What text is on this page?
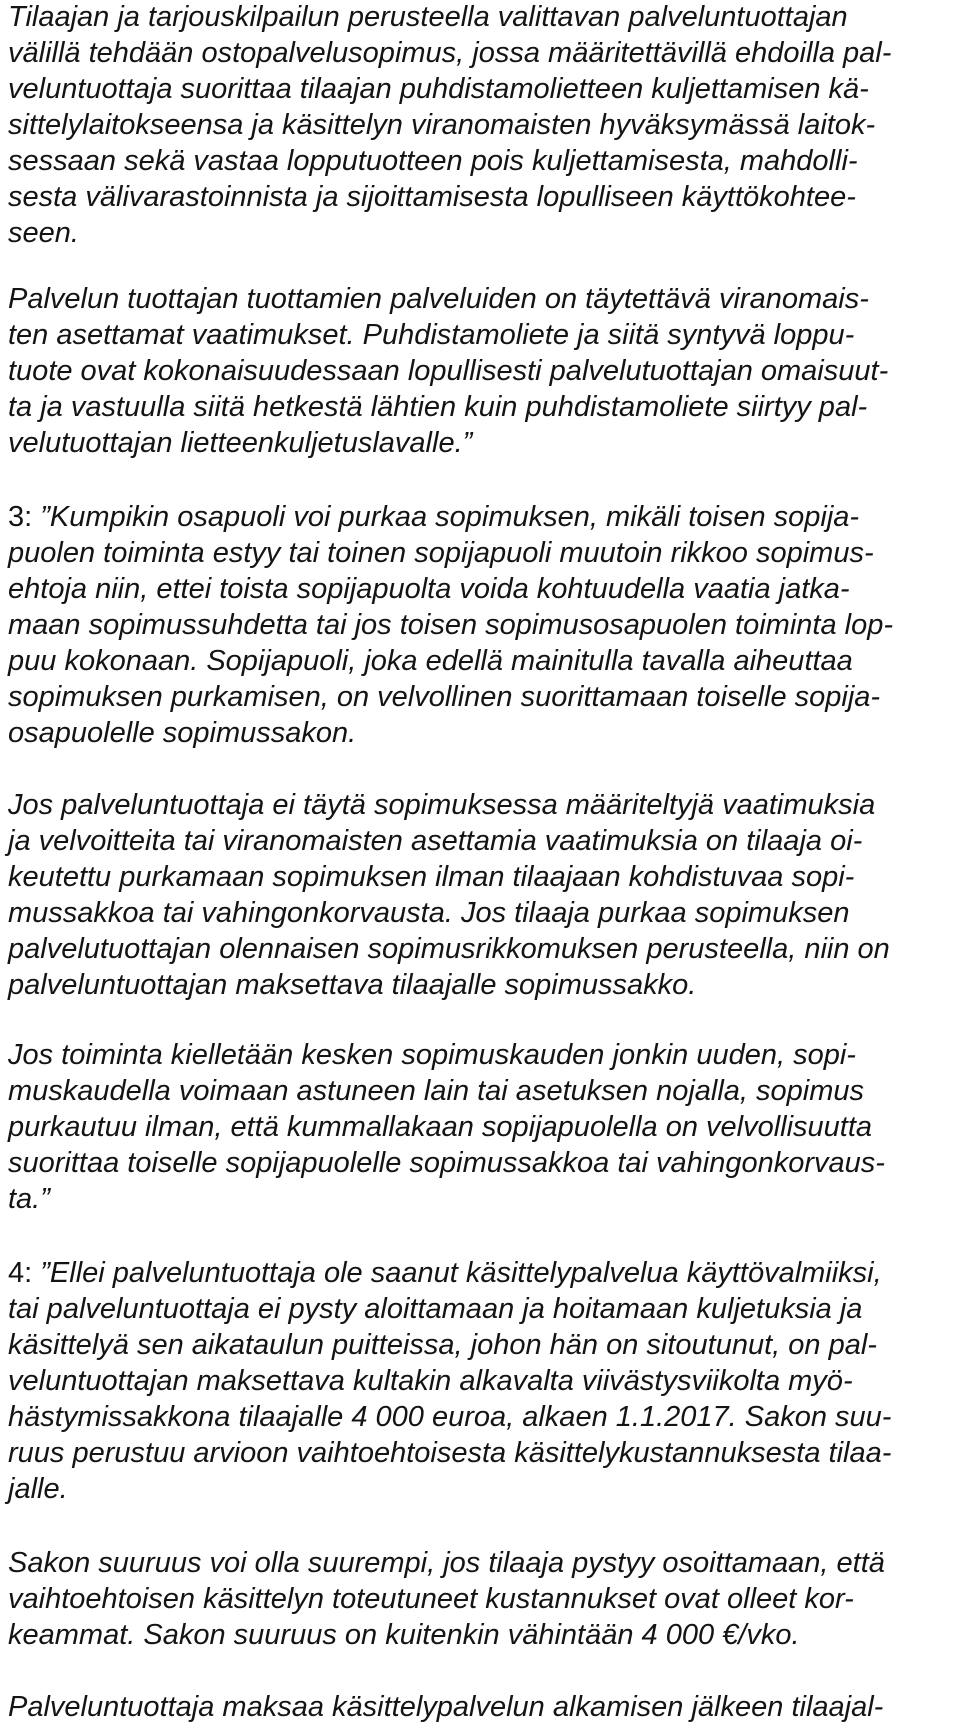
Tilaajan ja tarjouskilpailun perusteella valittavan palveluntuottajan
välillä tehdään ostopalvelusopimus, jossa määritettävillä ehdoilla pal-
veluntuottaja suorittaa tilaajan puhdistamolietteen kuljettamisen kä-
sittelylaitokseensa ja käsittelyn viranomaisten hyväksymässä laitok-
sessaan sekä vastaa lopputuotteen pois kuljettamisesta, mahdolli-
sesta välivarastoinnista ja sijoittamisesta lopulliseen käyttökohtee-
seen.
Palvelun tuottajan tuottamien palveluiden on täytettävä viranomais-
ten asettamat vaatimukset. Puhdistamoliete ja siitä syntyvä loppu-
tuote ovat kokonaisuudessaan lopullisesti palvelutuottajan omaisuut-
ta ja vastuulla siitä hetkestä lähtien kuin puhdistamoliete siirtyy pal-
velutuottajan lietteenkuljetuslavalle.”
3: ”Kumpikin osapuoli voi purkaa sopimuksen, mikäli toisen sopija-
puolen toiminta estyy tai toinen sopijapuoli muutoin rikkoo sopimus-
ehtoja niin, ettei toista sopijapuolta voida kohtuudella vaatia jatka-
maan sopimussuhdetta tai jos toisen sopimusosapuolen toiminta lop-
puu kokonaan. Sopijapuoli, joka edellä mainitulla tavalla aiheuttaa
sopimuksen purkamisen, on velvollinen suorittamaan toiselle sopija-
osapuolelle sopimussakon.
Jos palveluntuottaja ei täytä sopimuksessa määriteltyjä vaatimuksia
ja velvoitteita tai viranomaisten asettamia vaatimuksia on tilaaja oi-
keutettu purkamaan sopimuksen ilman tilaajaan kohdistuvaa sopi-
mussakkoa tai vahingonkorvausta. Jos tilaaja purkaa sopimuksen
palvelutuottajan olennaisen sopimusrikkomuksen perusteella, niin on
palveluntuottajan maksettava tilaajalle sopimussakko.
Jos toiminta kielletään kesken sopimuskauden jonkin uuden, sopi-
muskaudella voimaan astuneen lain tai asetuksen nojalla, sopimus
purkautuu ilman, että kummallakaan sopijapuolella on velvollisuutta
suorittaa toiselle sopijapuolelle sopimussakkoa tai vahingonkorvaus-
ta.”
4: ”Ellei palveluntuottaja ole saanut käsittelypalvelua käyttövalmiiksi,
tai palveluntuottaja ei pysty aloittamaan ja hoitamaan kuljetuksia ja
käsittelyä sen aikataulun puitteissa, johon hän on sitoutunut, on pal-
veluntuottajan maksettava kultakin alkavalta viivästysviikolta myö-
hästymissakkona tilaajalle 4 000 euroa, alkaen 1.1.2017. Sakon suu-
ruus perustuu arvioon vaihtoehtoisesta käsittelykustannuksesta tilaa-
jalle.
Sakon suuruus voi olla suurempi, jos tilaaja pystyy osoittamaan, että
vaihtoehtoisen käsittelyn toteutuneet kustannukset ovat olleet kor-
keammat. Sakon suuruus on kuitenkin vähintään 4 000 €/vko.
Palveluntuottaja maksaa käsittelypalvelun alkamisen jälkeen tilaajal-
